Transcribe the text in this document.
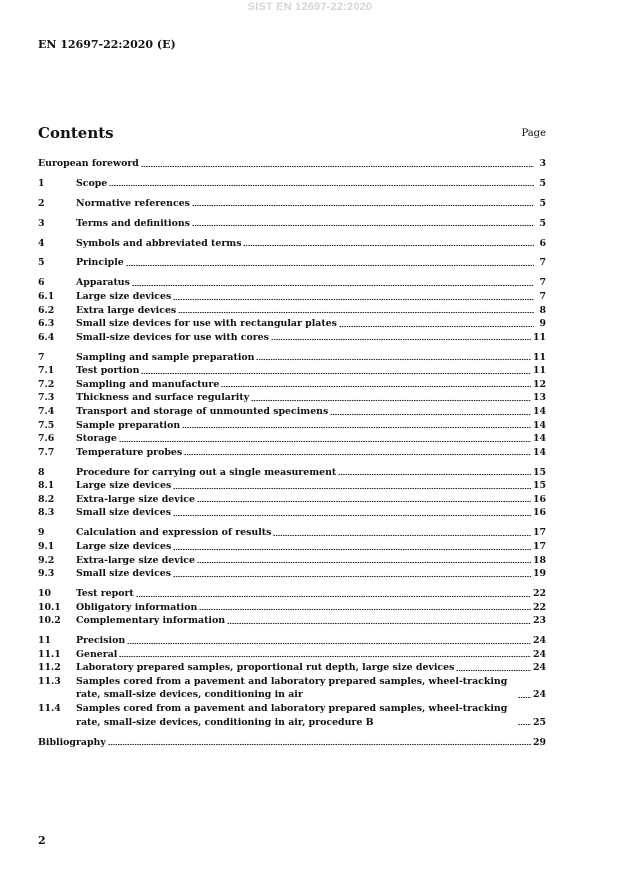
SIST EN 12697-22:2020
EN 12697-22:2020 (E)
Contents	Page
European foreword	3
1	Scope	5
2	Normative references	5
3	Terms and definitions	5
4	Symbols and abbreviated terms	6
5	Principle	7
6	Apparatus	7
6.1	Large size devices	7
6.2	Extra large devices	8
6.3	Small size devices for use with rectangular plates	9
6.4	Small-size devices for use with cores	11
7	Sampling and sample preparation	11
7.1	Test portion	11
7.2	Sampling and manufacture	12
7.3	Thickness and surface regularity	13
7.4	Transport and storage of unmounted specimens	14
7.5	Sample preparation	14
7.6	Storage	14
7.7	Temperature probes	14
8	Procedure for carrying out a single measurement	15
8.1	Large size devices	15
8.2	Extra-large size device	16
8.3	Small size devices	16
9	Calculation and expression of results	17
9.1	Large size devices	17
9.2	Extra-large size device	18
9.3	Small size devices	19
10	Test report	22
10.1	Obligatory information	22
10.2	Complementary information	23
11	Precision	24
11.1	General	24
11.2	Laboratory prepared samples, proportional rut depth, large size devices	24
11.3	Samples cored from a pavement and laboratory prepared samples, wheel-tracking rate, small-size devices, conditioning in air	24
11.4	Samples cored from a pavement and laboratory prepared samples, wheel-tracking rate, small-size devices, conditioning in air, procedure B	25
Bibliography	29
2
